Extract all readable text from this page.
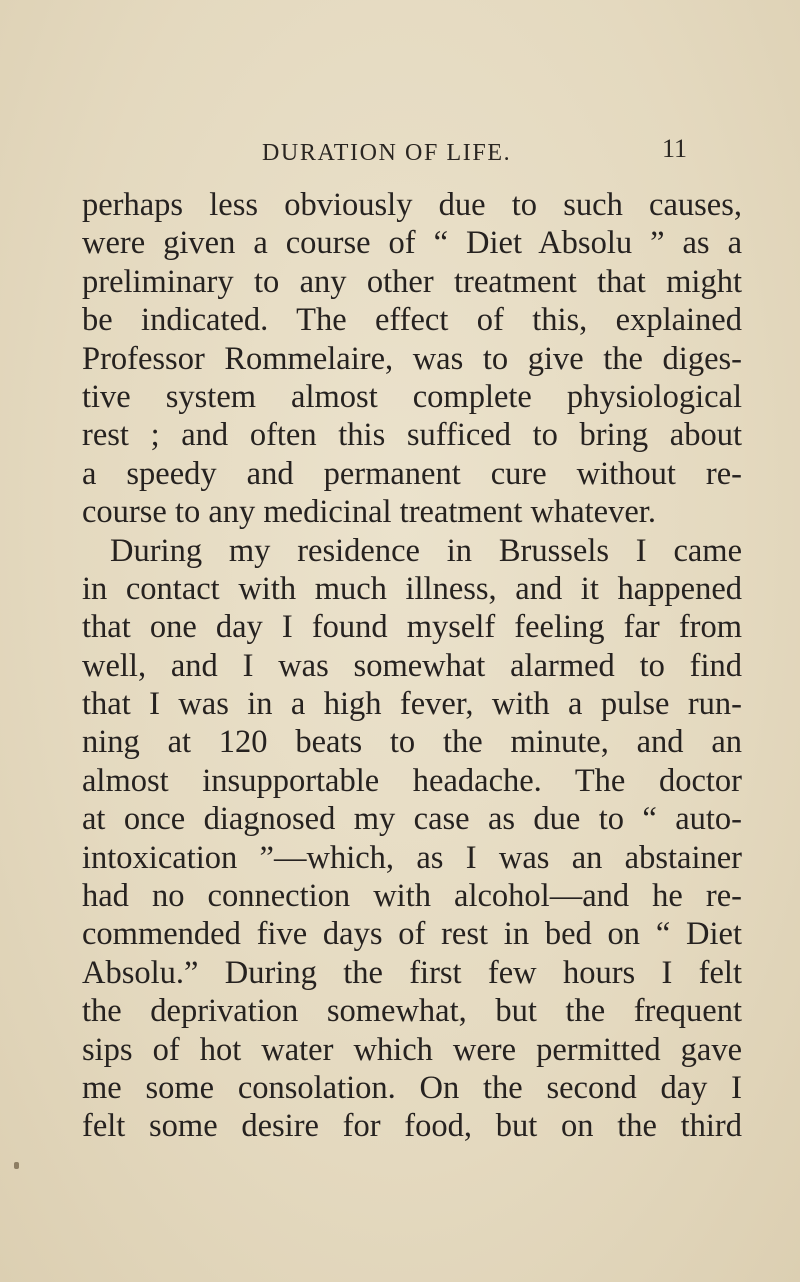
DURATION OF LIFE.	11
perhaps less obviously due to such causes,
were given a course of “ Diet Absolu ” as a
preliminary to any other treatment that might
be indicated. The effect of this, explained
Professor Rommelaire, was to give the diges-
tive system almost complete physiological
rest ; and often this sufficed to bring about
a speedy and permanent cure without re-
course to any medicinal treatment whatever.
During my residence in Brussels I came
in contact with much illness, and it happened
that one day I found myself feeling far from
well, and I was somewhat alarmed to find
that I was in a high fever, with a pulse run-
ning at 120 beats to the minute, and an
almost insupportable headache. The doctor
at once diagnosed my case as due to “ auto-
intoxication ”—which, as I was an abstainer
had no connection with alcohol—and he re-
commended five days of rest in bed on “ Diet
Absolu.” During the first few hours I felt
the deprivation somewhat, but the frequent
sips of hot water which were permitted gave
me some consolation. On the second day I
felt some desire for food, but on the third
